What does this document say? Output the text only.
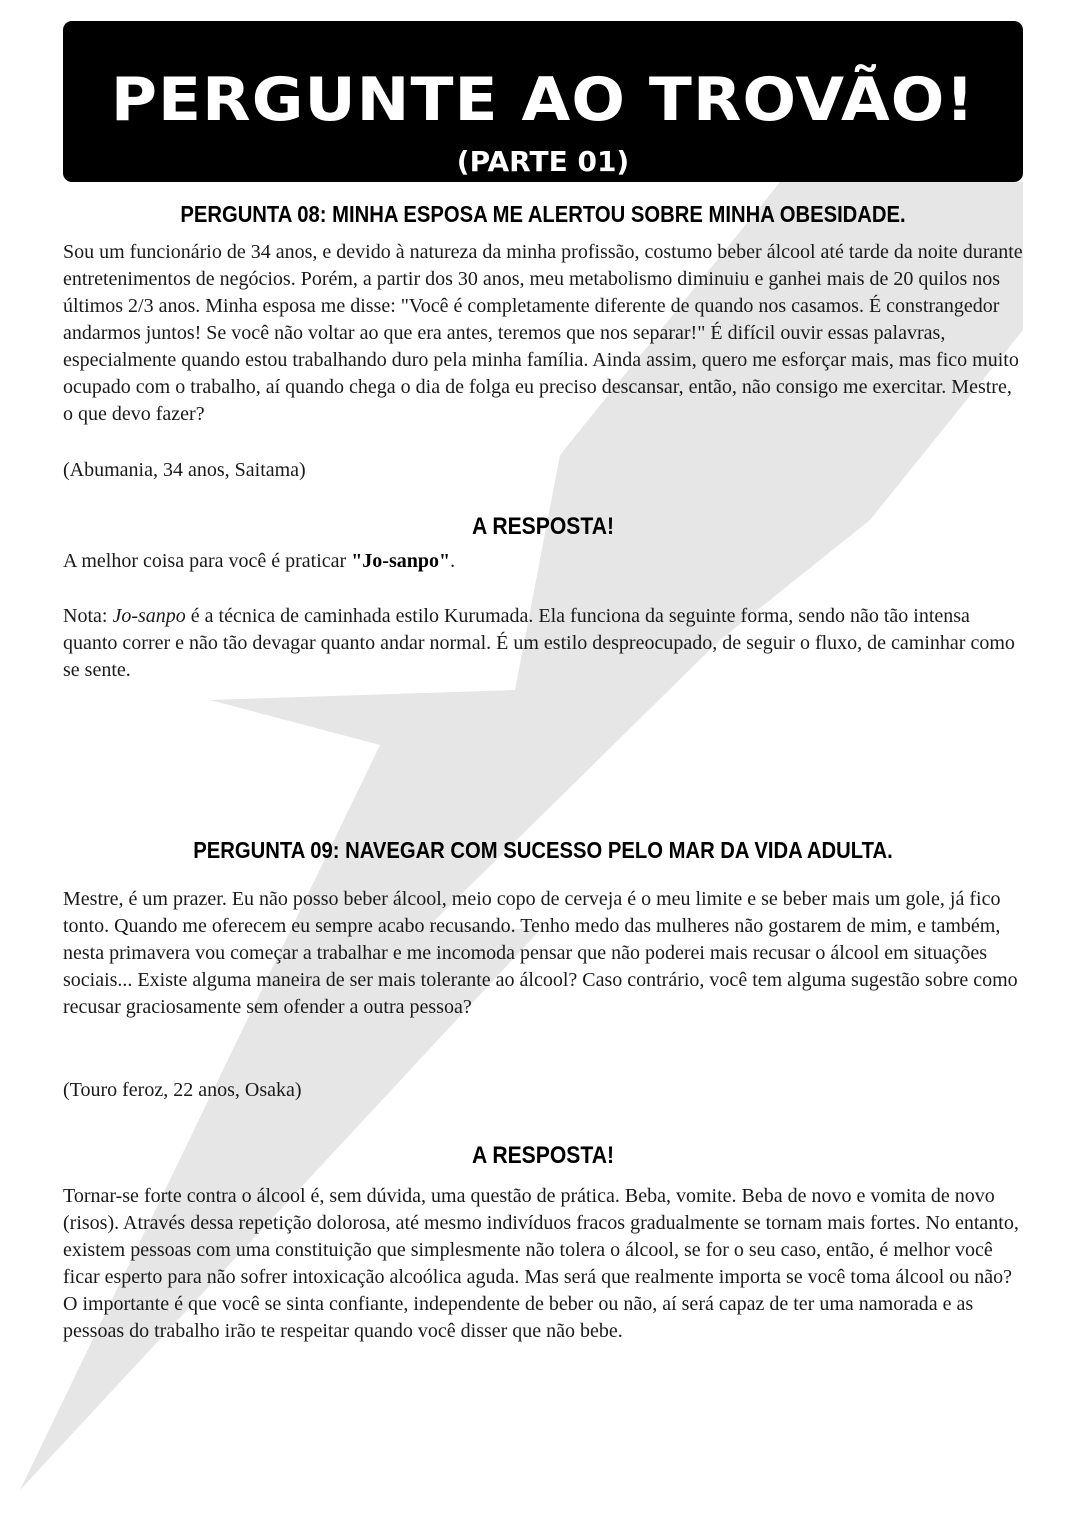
PERGUNTE AO TROVÃO!
(PARTE 01)
PERGUNTA 08: MINHA ESPOSA ME ALERTOU SOBRE MINHA OBESIDADE.

Sou um funcionário de 34 anos, e devido à natureza da minha profissão, costumo beber álcool até tarde da noite durante entretenimentos de negócios. Porém, a partir dos 30 anos, meu metabolismo diminuiu e ganhei mais de 20 quilos nos últimos 2/3 anos. Minha esposa me disse: "Você é completamente diferente de quando nos casamos. É constrangedor andarmos juntos! Se você não voltar ao que era antes, teremos que nos separar!" É difícil ouvir essas palavras, especialmente quando estou trabalhando duro pela minha família. Ainda assim, quero me esforçar mais, mas fico muito ocupado com o trabalho, aí quando chega o dia de folga eu preciso descansar, então, não consigo me exercitar. Mestre, o que devo fazer?

(Abumania, 34 anos, Saitama)

A RESPOSTA!

A melhor coisa para você é praticar "Jo-sanpo".

Nota: Jo-sanpo é a técnica de caminhada estilo Kurumada. Ela funciona da seguinte forma, sendo não tão intensa quanto correr e não tão devagar quanto andar normal. É um estilo despreocupado, de seguir o fluxo, de caminhar como se sente.

PERGUNTA 09: NAVEGAR COM SUCESSO PELO MAR DA VIDA ADULTA.

Mestre, é um prazer. Eu não posso beber álcool, meio copo de cerveja é o meu limite e se beber mais um gole, já fico tonto. Quando me oferecem eu sempre acabo recusando. Tenho medo das mulheres não gostarem de mim, e também, nesta primavera vou começar a trabalhar e me incomoda pensar que não poderei mais recusar o álcool em situações sociais... Existe alguma maneira de ser mais tolerante ao álcool? Caso contrário, você tem alguma sugestão sobre como recusar graciosamente sem ofender a outra pessoa?

(Touro feroz, 22 anos, Osaka)

A RESPOSTA!

Tornar-se forte contra o álcool é, sem dúvida, uma questão de prática. Beba, vomite. Beba de novo e vomita de novo (risos). Através dessa repetição dolorosa, até mesmo indivíduos fracos gradualmente se tornam mais fortes. No entanto, existem pessoas com uma constituição que simplesmente não tolera o álcool, se for o seu caso, então, é melhor você ficar esperto para não sofrer intoxicação alcoólica aguda. Mas será que realmente importa se você toma álcool ou não? O importante é que você se sinta confiante, independente de beber ou não, aí será capaz de ter uma namorada e as pessoas do trabalho irão te respeitar quando você disser que não bebe.
